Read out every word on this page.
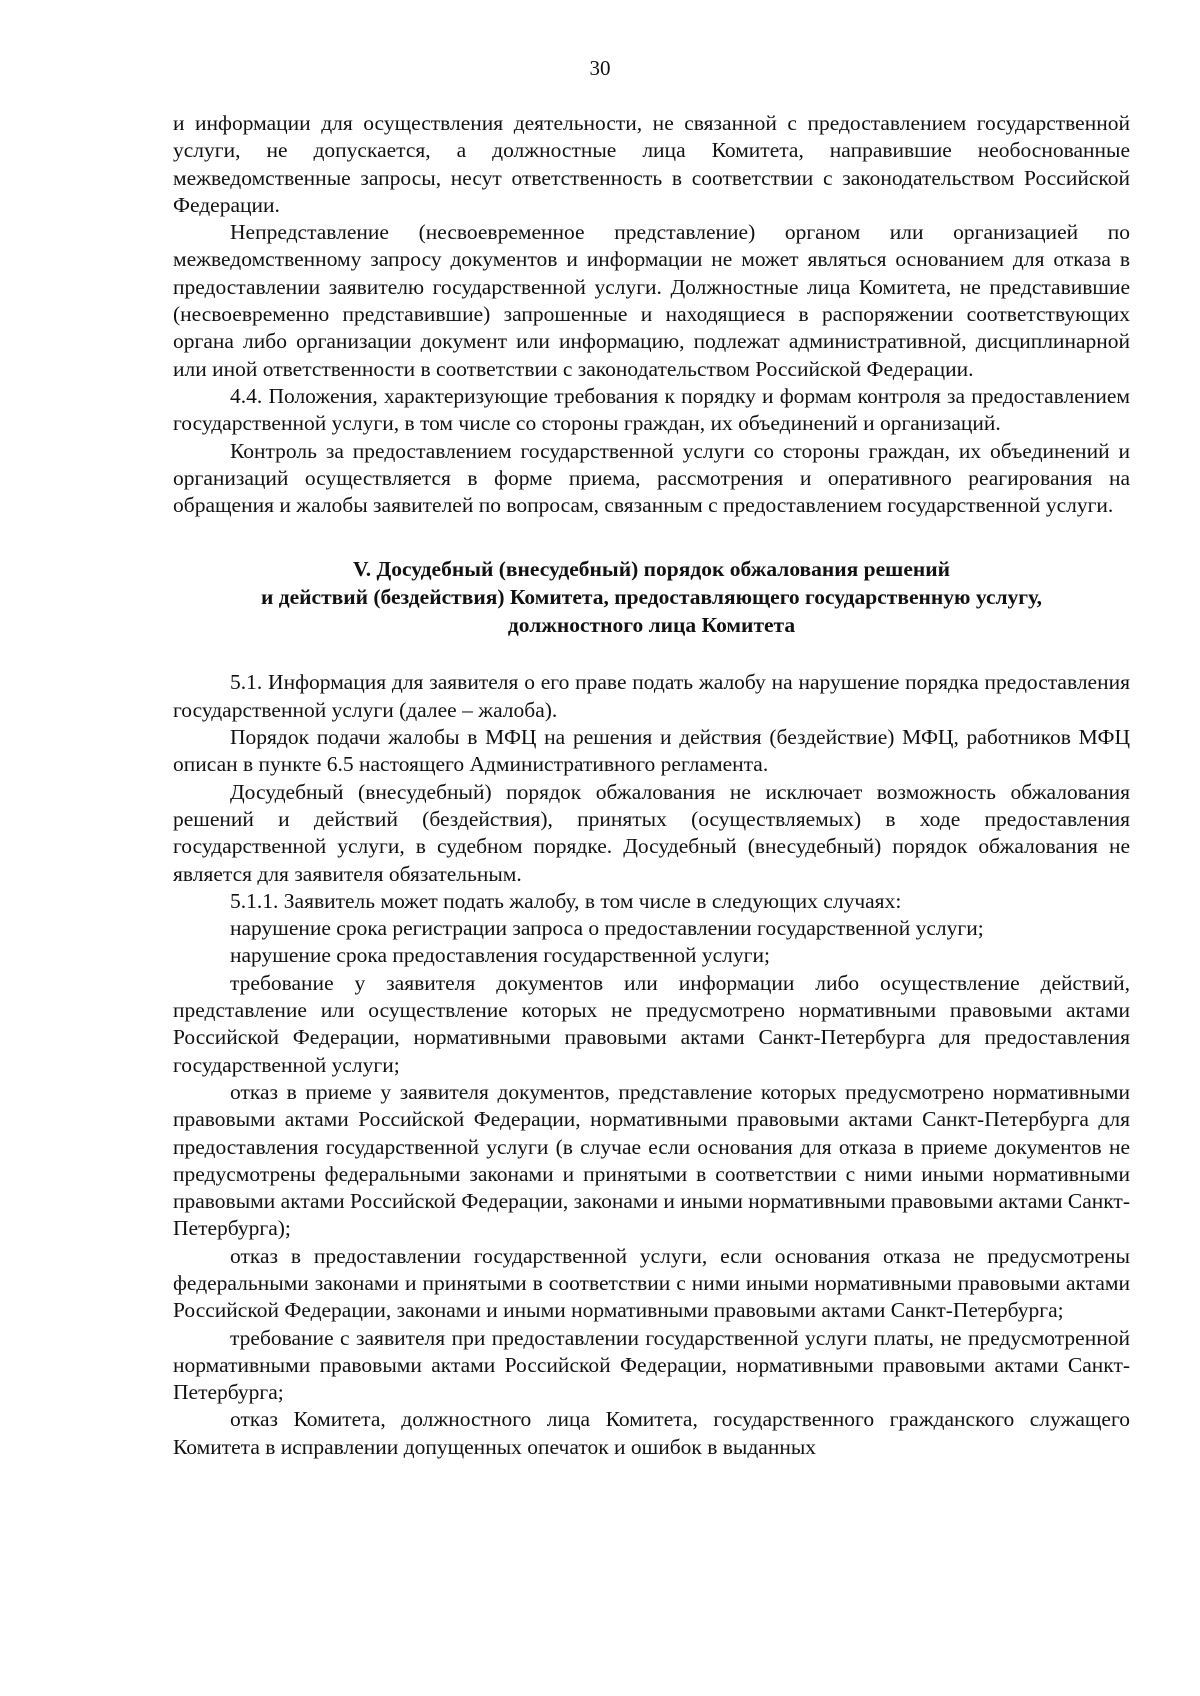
30

и информации для осуществления деятельности, не связанной с предоставлением государственной услуги, не допускается, а должностные лица Комитета, направившие необоснованные межведомственные запросы, несут ответственность в соответствии с законодательством Российской Федерации.

Непредставление (несвоевременное представление) органом или организацией по межведомственному запросу документов и информации не может являться основанием для отказа в предоставлении заявителю государственной услуги. Должностные лица Комитета, не представившие (несвоевременно представившие) запрошенные и находящиеся в распоряжении соответствующих органа либо организации документ или информацию, подлежат административной, дисциплинарной или иной ответственности в соответствии с законодательством Российской Федерации.

4.4. Положения, характеризующие требования к порядку и формам контроля за предоставлением государственной услуги, в том числе со стороны граждан, их объединений и организаций.

Контроль за предоставлением государственной услуги со стороны граждан, их объединений и организаций осуществляется в форме приема, рассмотрения и оперативного реагирования на обращения и жалобы заявителей по вопросам, связанным с предоставлением государственной услуги.

V. Досудебный (внесудебный) порядок обжалования решений
и действий (бездействия) Комитета, предоставляющего государственную услугу,
должностного лица Комитета

5.1. Информация для заявителя о его праве подать жалобу на нарушение порядка предоставления государственной услуги (далее – жалоба).

Порядок подачи жалобы в МФЦ на решения и действия (бездействие) МФЦ, работников МФЦ описан в пункте 6.5 настоящего Административного регламента.

Досудебный (внесудебный) порядок обжалования не исключает возможность обжалования решений и действий (бездействия), принятых (осуществляемых) в ходе предоставления государственной услуги, в судебном порядке. Досудебный (внесудебный) порядок обжалования не является для заявителя обязательным.

5.1.1. Заявитель может подать жалобу, в том числе в следующих случаях:

нарушение срока регистрации запроса о предоставлении государственной услуги;

нарушение срока предоставления государственной услуги;

требование у заявителя документов или информации либо осуществление действий, представление или осуществление которых не предусмотрено нормативными правовыми актами Российской Федерации, нормативными правовыми актами Санкт-Петербурга для предоставления государственной услуги;

отказ в приеме у заявителя документов, представление которых предусмотрено нормативными правовыми актами Российской Федерации, нормативными правовыми актами Санкт-Петербурга для предоставления государственной услуги (в случае если основания для отказа в приеме документов не предусмотрены федеральными законами и принятыми в соответствии с ними иными нормативными правовыми актами Российской Федерации, законами и иными нормативными правовыми актами Санкт-Петербурга);

отказ в предоставлении государственной услуги, если основания отказа не предусмотрены федеральными законами и принятыми в соответствии с ними иными нормативными правовыми актами Российской Федерации, законами и иными нормативными правовыми актами Санкт-Петербурга;

требование с заявителя при предоставлении государственной услуги платы, не предусмотренной нормативными правовыми актами Российской Федерации, нормативными правовыми актами Санкт-Петербурга;

отказ Комитета, должностного лица Комитета, государственного гражданского служащего Комитета в исправлении допущенных опечаток и ошибок в выданных
